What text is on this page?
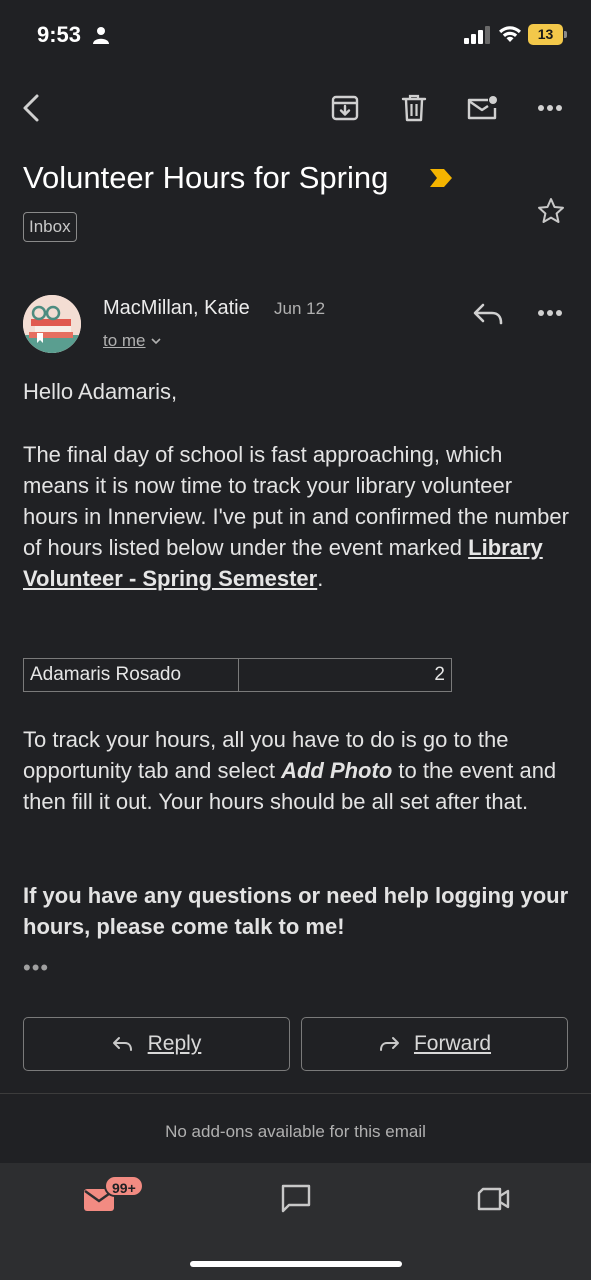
9:53	13
Volunteer Hours for Spring
Inbox
MacMillan, Katie Jun 12
to me
Hello Adamaris,
The final day of school is fast approaching, which means it is now time to track your library volunteer hours in Innerview. I've put in and confirmed the number of hours listed below under the event marked Library Volunteer - Spring Semester.
Adamaris Rosado	2
To track your hours, all you have to do is go to the opportunity tab and select Add Photo to the event and then fill it out. Your hours should be all set after that.
If you have any questions or need help logging your hours, please come talk to me!
•••
Reply	Forward
No add-ons available for this email
99+
